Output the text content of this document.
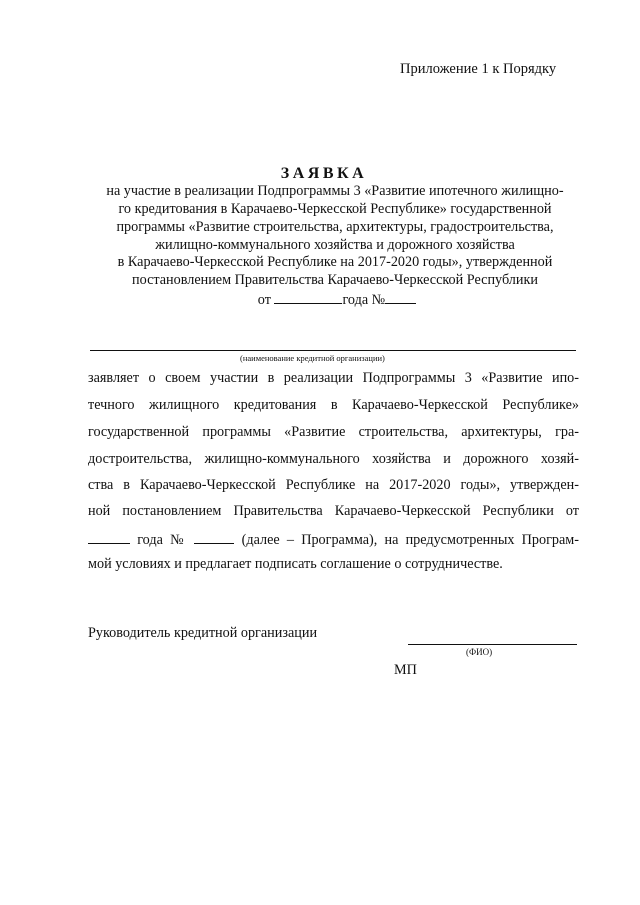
Приложение 1 к Порядку
ЗАЯВКА
на участие в реализации Подпрограммы 3 «Развитие ипотечного жилищно-
го кредитования в Карачаево-Черкесской Республике» государственной
программы «Развитие строительства, архитектуры, градостроительства,
жилищно-коммунального хозяйства и дорожного хозяйства
в Карачаево-Черкесской Республике на 2017-2020 годы», утвержденной
постановлением Правительства Карачаево-Черкесской Республики
от	года №
(наименование кредитной организации)
заявляет о своем участии в реализации Подпрограммы 3 «Развитие ипо-
течного жилищного кредитования в Карачаево-Черкесской Республике»
государственной программы «Развитие строительства, архитектуры, гра-
достроительства, жилищно-коммунального хозяйства и дорожного хозяй-
ства в Карачаево-Черкесской Республике на 2017-2020 годы», утвержден-
ной постановлением Правительства Карачаево-Черкесской Республики от
года №	(далее – Программа), на предусмотренных Програм-
мой условиях и предлагает подписать соглашение о сотрудничестве.
Руководитель кредитной организации
(ФИО)
МП
